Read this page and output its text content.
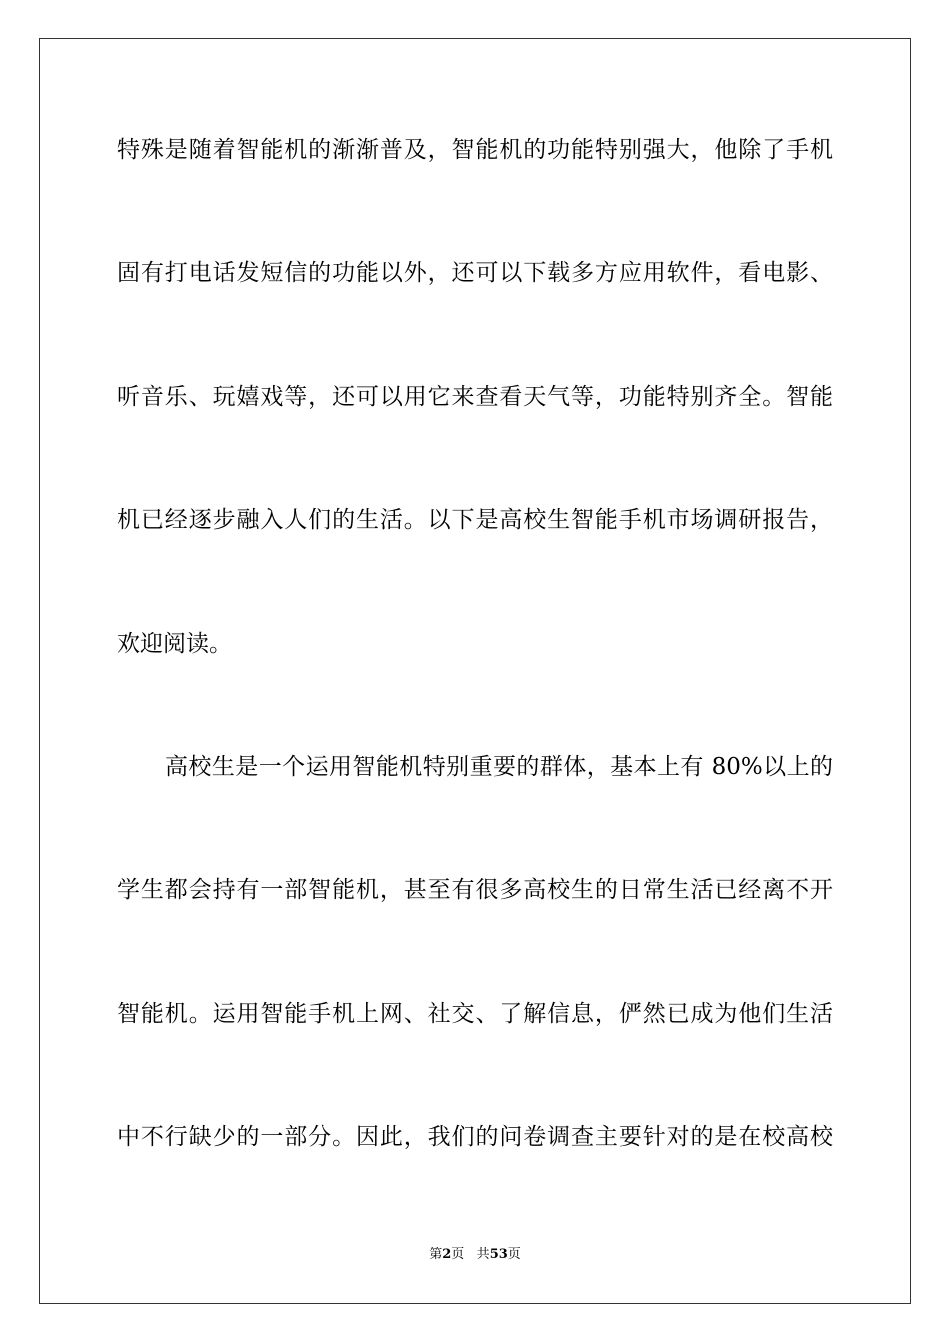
特殊是随着智能机的渐渐普及，智能机的功能特别强大，他除了手机
固有打电话发短信的功能以外，还可以下载多方应用软件，看电影、
听音乐、玩嬉戏等，还可以用它来查看天气等，功能特别齐全。智能
机已经逐步融入人们的生活。以下是高校生智能手机市场调研报告，
欢迎阅读。
高校生是一个运用智能机特别重要的群体，基本上有 80%以上的
学生都会持有一部智能机，甚至有很多高校生的日常生活已经离不开
智能机。运用智能手机上网、社交、了解信息，俨然已成为他们生活
中不行缺少的一部分。因此，我们的问卷调查主要针对的是在校高校
第2页 共53页
